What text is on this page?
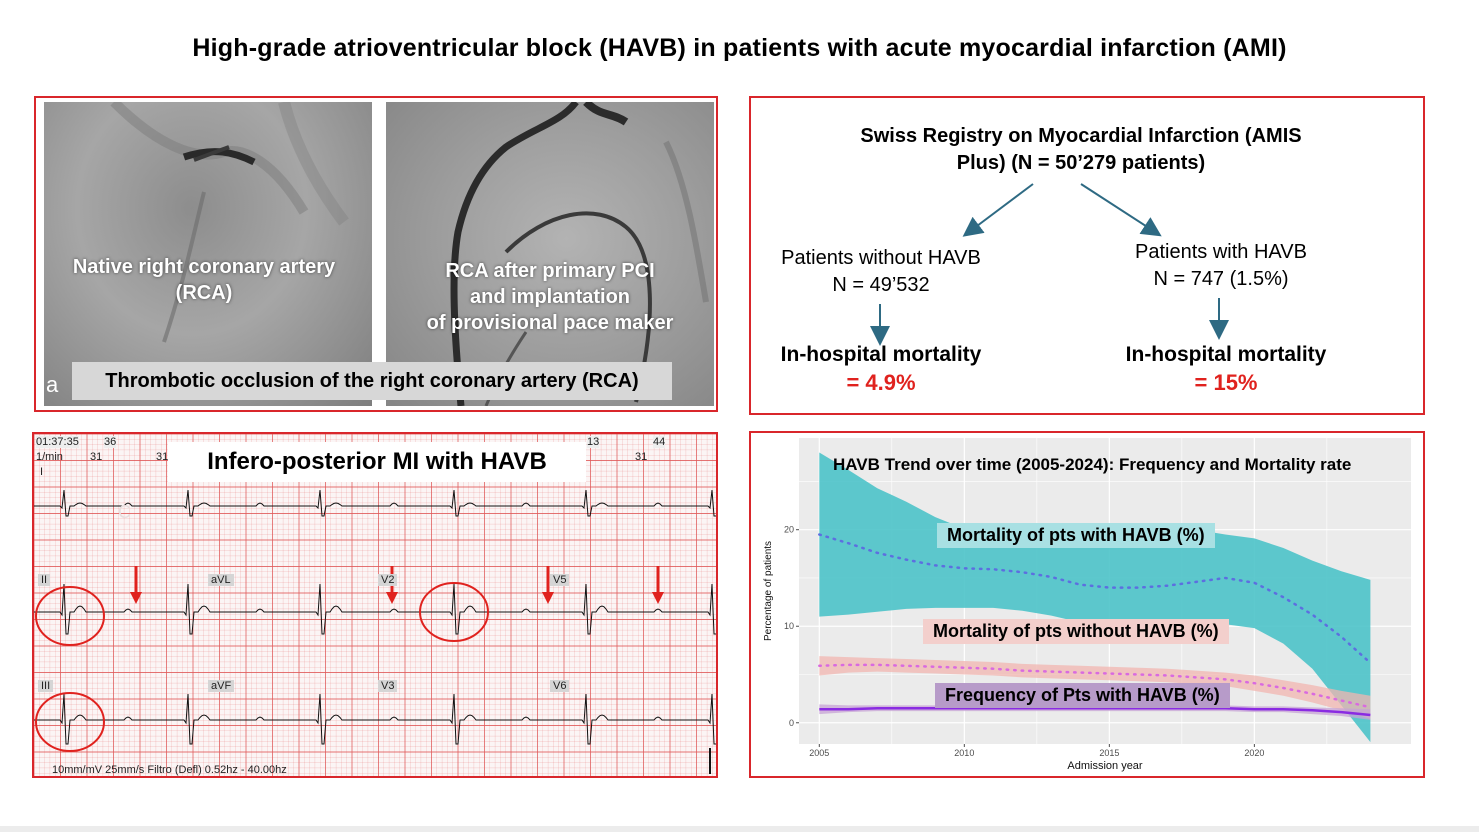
High-grade atrioventricular block (HAVB) in patients with acute myocardial infarction (AMI)
Native right coronary artery
(RCA)
RCA after primary PCI
and implantation
of provisional pace maker
a	Thrombotic occlusion of the right coronary artery (RCA)
Swiss Registry on Myocardial Infarction (AMIS
Plus) (N = 50’279 patients)
Patients without HAVB
N = 49’532
Patients with HAVB
N = 747 (1.5%)
In-hospital mortality
= 4.9%
In-hospital mortality
= 15%
01:37:35
1/min
36
31	31
13	44
31
Infero-posterior MI with HAVB
I
C
II	aVL	V2	V5
III	aVF	V3	V6
10mm/mV 25mm/s Filtro (Defl) 0.52hz - 40.00hz
2005	2010	2015	2020
0
10
20
Admission year
Percentage of patients
HAVB Trend over time (2005-2024): Frequency and Mortality rate
Mortality of pts with HAVB (%)
Mortality of pts without HAVB (%)
Frequency of Pts with HAVB (%)
